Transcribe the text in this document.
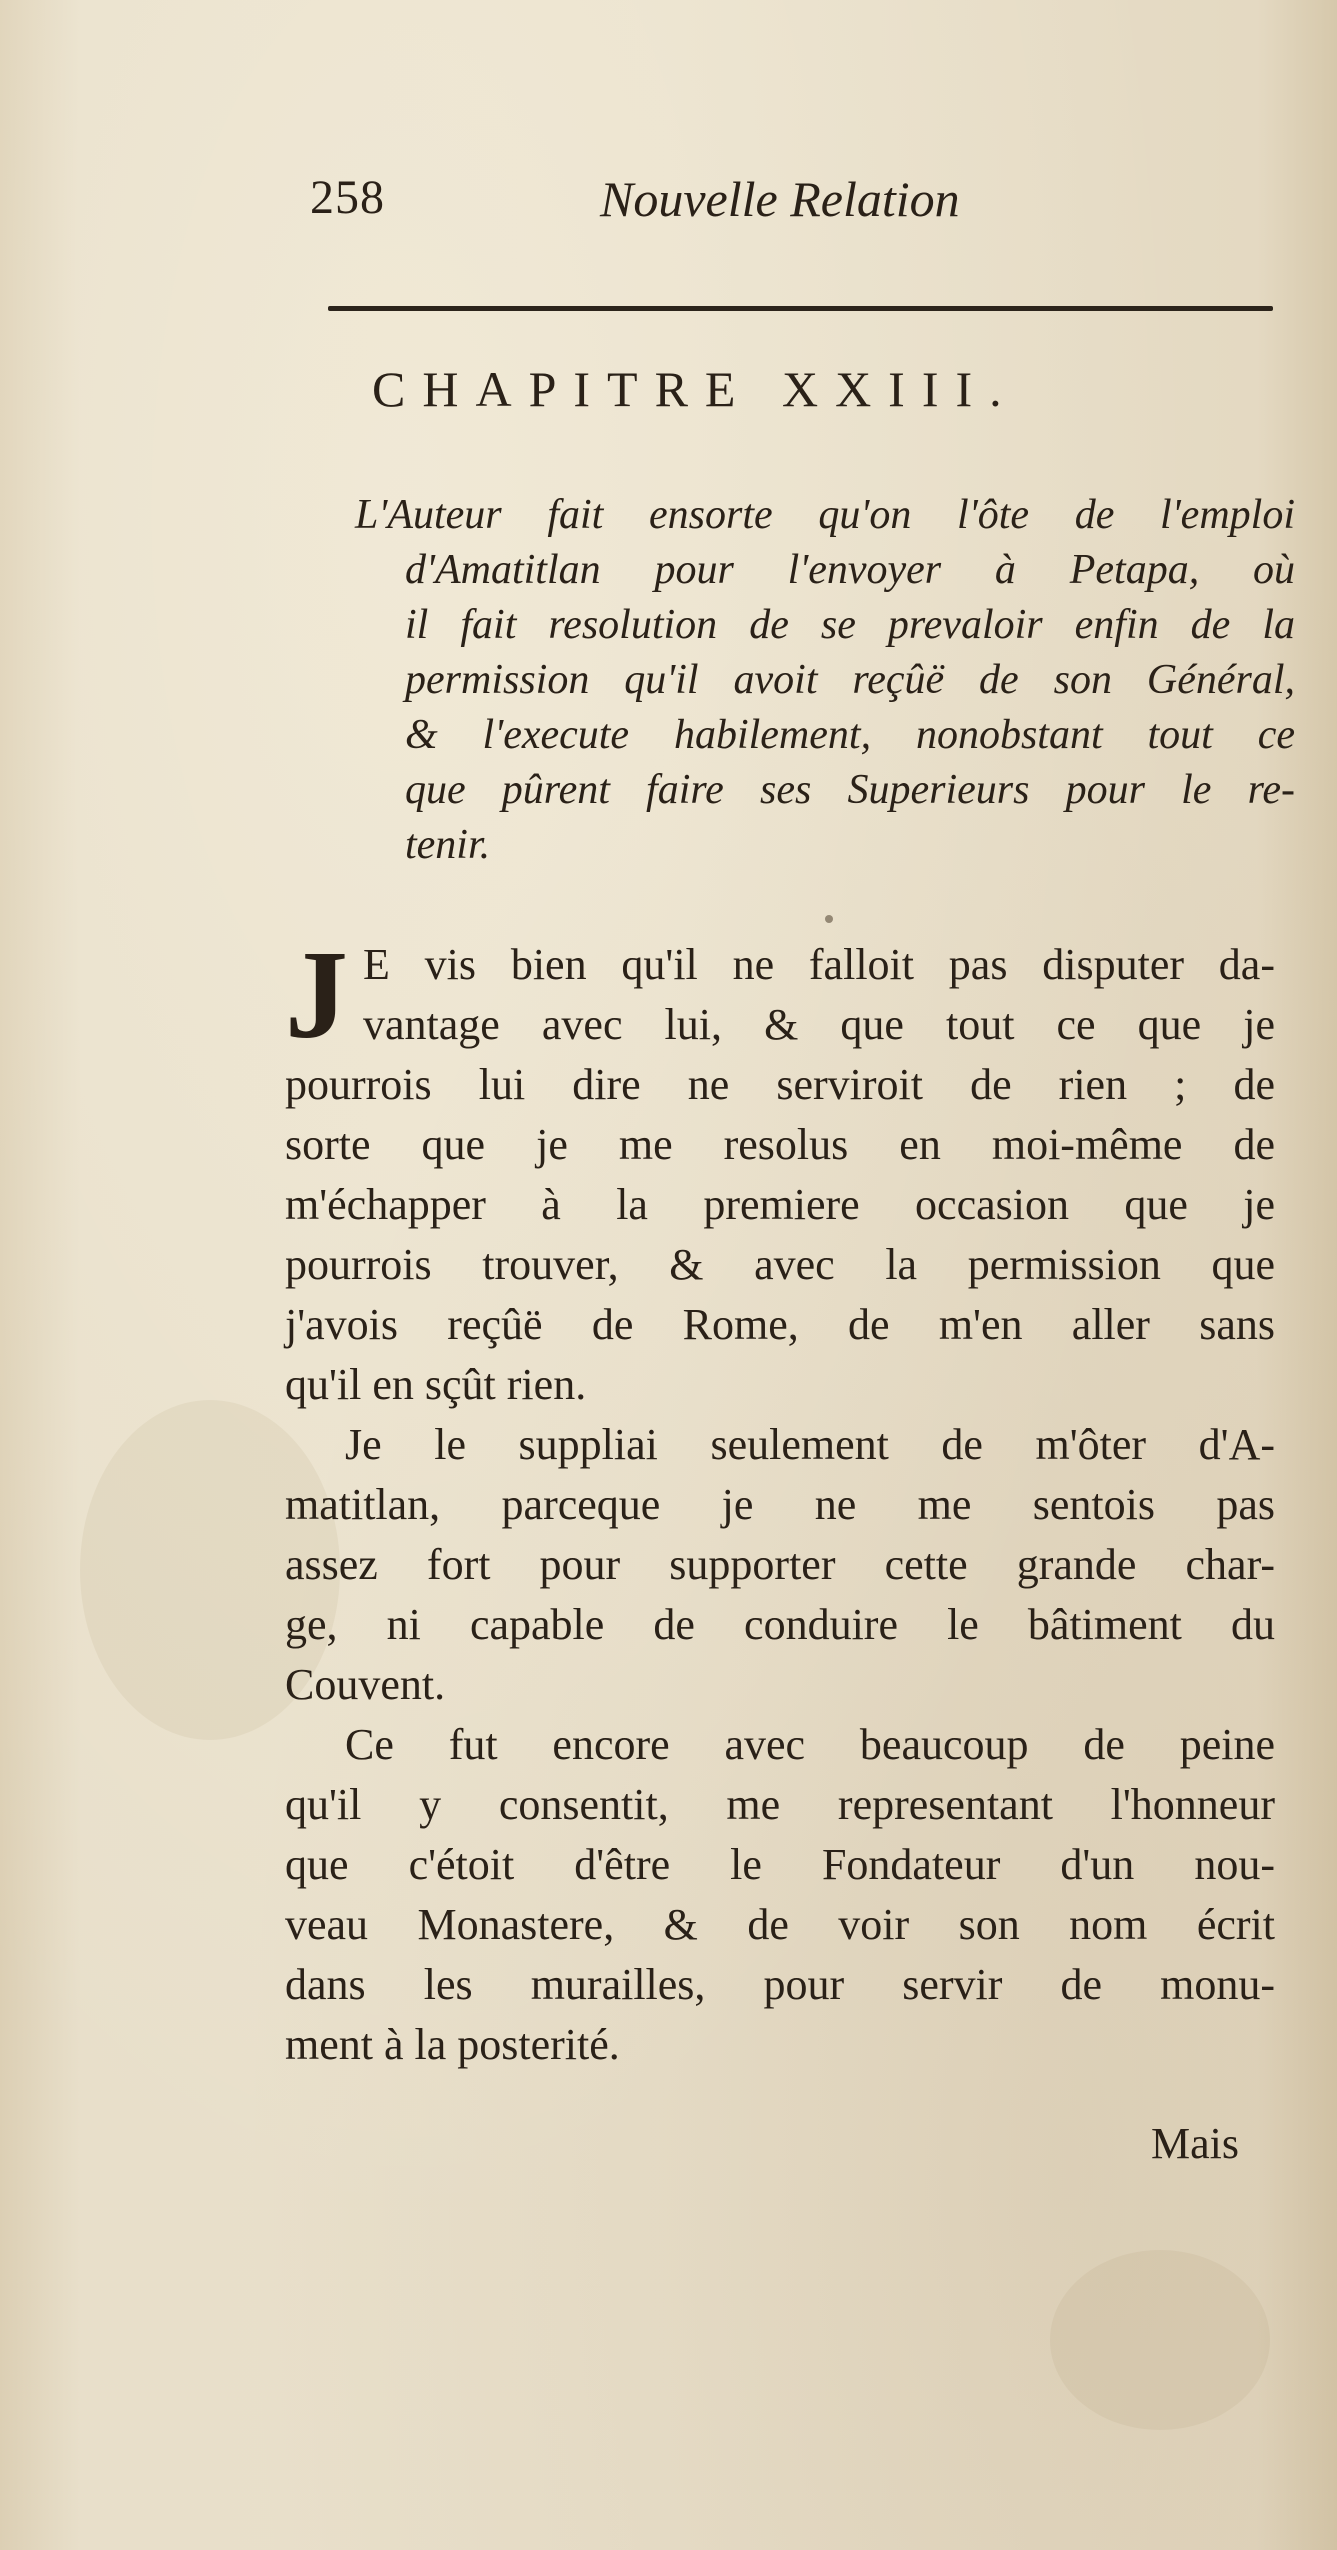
258	Nouvelle Relation
CHAPITRE XXIII.
L'Auteur fait ensorte qu'on l'ôte de l'emploi
d'Amatitlan pour l'envoyer à Petapa, où
il fait resolution de se prevaloir enfin de la
permission qu'il avoit reçûë de son Général,
& l'execute habilement, nonobstant tout ce
que pûrent faire ses Superieurs pour le re-
tenir.
J E vis bien qu'il ne falloit pas disputer da-
vantage avec lui, & que tout ce que je
pourrois lui dire ne serviroit de rien ; de
sorte que je me resolus en moi-même de
m'échapper à la premiere occasion que je
pourrois trouver, & avec la permission que
j'avois reçûë de Rome, de m'en aller sans
qu'il en sçût rien.
Je le suppliai seulement de m'ôter d'A-
matitlan, parceque je ne me sentois pas
assez fort pour supporter cette grande char-
ge, ni capable de conduire le bâtiment du
Couvent.
Ce fut encore avec beaucoup de peine
qu'il y consentit, me representant l'honneur
que c'étoit d'être le Fondateur d'un nou-
veau Monastere, & de voir son nom écrit
dans les murailles, pour servir de monu-
ment à la posterité.
Mais
